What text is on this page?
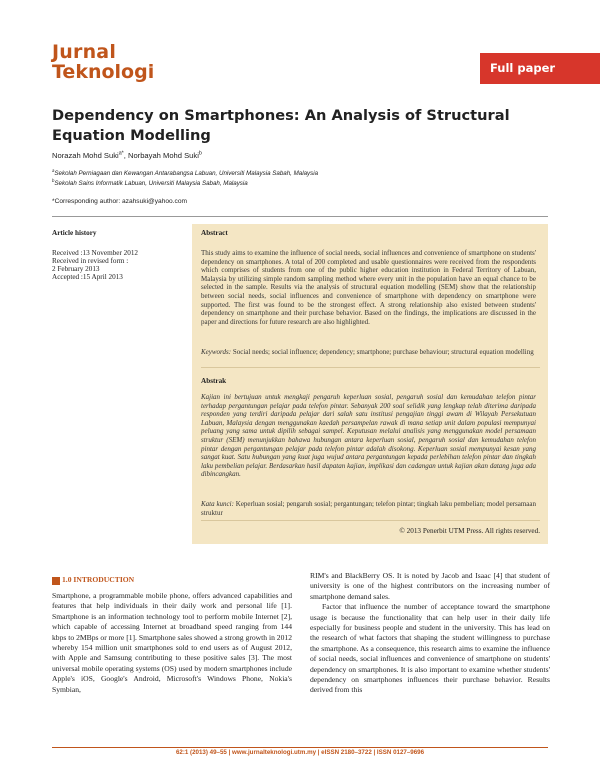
Jurnal
Teknologi	Full paper
Dependency on Smartphones: An Analysis of Structural Equation Modelling
Norazah Mohd Suki$^{a*}$, Norbayah Mohd Suki$^b$
$^a$Sekolah Perniagaan dan Kewangan Antarabangsa Labuan, Universiti Malaysia Sabah, Malaysia
$^b$Sekolah Sains Informatik Labuan, Universiti Malaysia Sabah, Malaysia
*Corresponding author: azahsuki@yahoo.com
Article history
Received :13 November 2012
Received in revised form :
2 February 2013
Accepted :15 April 2013
Abstract
This study aims to examine the influence of social needs, social influences and convenience of smartphone on students' dependency on smartphones. A total of 200 completed and usable questionnaires were received from the respondents which comprises of students from one of the public higher education institution in Federal Territory of Labuan, Malaysia by utilizing simple random sampling method where every unit in the population have an equal chance to be selected in the sample. Results via the analysis of structural equation modelling (SEM) show that the relationship between social needs, social influences and convenience of smartphone with dependency on smartphone were supported. The first was found to be the strongest effect. A strong relationship also existed between students' dependency on smartphone and their purchase behavior. Based on the findings, the implications are discussed in the paper and directions for future research are also highlighted.
Keywords: Social needs; social influence; dependency; smartphone; purchase behaviour; structural equation modelling
Abstrak
Kajian ini bertujuan untuk mengkaji pengaruh keperluan sosial, pengaruh sosial dan kemudahan telefon pintar terhadap pergantungan pelajar pada telefon pintar. Sebanyak 200 soal selidik yang lengkap telah diterima daripada responden yang terdiri daripada pelajar dari salah satu institusi pengajian tinggi awam di Wilayah Persekutuan Labuan, Malaysia dengan menggunakan kaedah persampelan rawak di mana setiap unit dalam populasi mempunyai peluang yang sama untuk dipilih sebagai sampel. Keputusan melalui analisis yang menggunakan model persamaan struktur (SEM) menunjukkan bahawa hubungan antara keperluan sosial, pengaruh sosial dan kemudahan telefon pintar dengan pergantungan pelajar pada telefon pintar adalah disokong. Keperluan sosial mempunyai kesan yang sangat kuat. Satu hubungan yang kuat juga wujud antara pergantungan kepada perlebihan telefon pintar dan tingkah laku pembelian pelajar. Berdasarkan hasil dapatan kajian, implikasi dan cadangan untuk kajian akan datang juga ada dibincangkan.
Kata kunci: Keperluan sosial; pengaruh sosial; pergantungan; telefon pintar; tingkah laku pembelian; model persamaan struktur
© 2013 Penerbit UTM Press. All rights reserved.
1.0 INTRODUCTION

Smartphone, a programmable mobile phone, offers advanced capabilities and features that help individuals in their daily work and personal life [1]. Smartphone is an information technology tool to perform mobile Internet [2], which capable of accessing Internet at broadband speed ranging from 144 kbps to 2MBps or more [1]. Smartphone sales showed a strong growth in 2012 whereby 154 million unit smartphones sold to end users as of August 2012, with Apple and Samsung contributing to these positive sales [3]. The most universal mobile operating systems (OS) used by modern smartphones include Apple's iOS, Google's Android, Microsoft's Windows Phone, Nokia's Symbian,

RIM's and BlackBerry OS. It is noted by Jacob and Isaac [4] that student of university is one of the highest contributors on the increasing number of smartphone demand sales.

Factor that influence the number of acceptance toward the smartphone usage is because the functionality that can help user in their daily life especially for business people and student in the university. This has lead on the research of what factors that shaping the student willingness to purchase the smartphone. As a consequence, this research aims to examine the influence of social needs, social influences and convenience of smartphone on students' dependency on smartphones. It is also important to examine whether students' dependency on smartphones influences their purchase behavior. Results derived from this

62:1 (2013) 49–55 | www.jurnalteknologi.utm.my | eISSN 2180–3722 | ISSN 0127–9696
